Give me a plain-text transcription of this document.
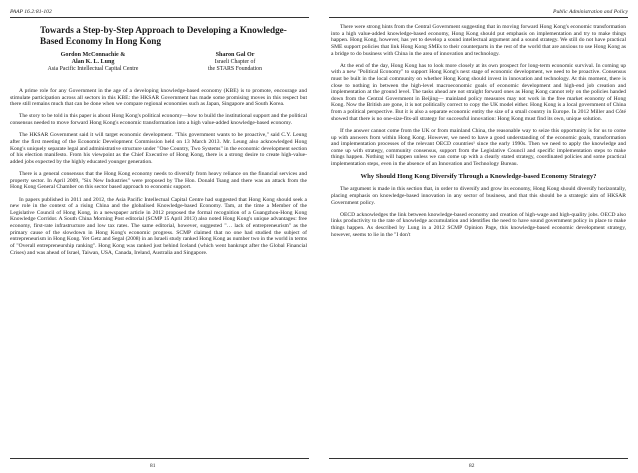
PAAP 16.2:81-102
Towards a Step-by-Step Approach to Developing a Knowledge-Based Economy In Hong Kong
Gordon McConnachie &
Alan K. L. Lung
Asia Pacific Intellectual Capital Centre
Sharon Gal Or
Israeli Chapter of
the STARS Foundation

A prime role for any Government in the age of a developing knowledge-based economy (KBE) is to promote, encourage and stimulate participation across all sectors in this KBE: the HKSAR Government has made some promising moves in this respect but there still remains much that can be done when we compare regional economies such as Japan, Singapore and South Korea.

The story to be told in this paper is about Hong Kong's political economy—how to build the institutional support and the political consensus needed to move forward Hong Kong's economic transformation into a high value-added knowledge-based economy.

The HKSAR Government said it will target economic development. "This government wants to be proactive," said C.Y. Leung after the first meeting of the Economic Development Commission held on 13 March 2013. Mr. Leung also acknowledged Hong Kong's uniquely separate legal and administrative structure under "One Country, Two Systems" in the economic development section of his election manifesto. From his viewpoint as the Chief Executive of Hong Kong, there is a strong desire to create high-value-added jobs expected by the highly educated younger generation.

There is a general consensus that the Hong Kong economy needs to diversify from heavy reliance on the financial services and property sector. In April 2009, "Six New Industries" were proposed by The Hon. Donald Tsang and there was an attack from the Hong Kong General Chamber on this sector based approach to economic support.

In papers published in 2011 and 2012, the Asia Pacific Intellectual Capital Centre had suggested that Hong Kong should seek a new role in the context of a rising China and the globalised Knowledge-based Economy. Tam, at the time a Member of the Legislative Council of Hong Kong, in a newspaper article in 2012 proposed the formal recognition of a Guangzhou-Hong Kong Knowledge Corridor. A South China Morning Post editorial (SCMP 15 April 2013) also noted Hong Kong's unique advantages: free economy, first-rate infrastructure and low tax rates. The same editorial, however, suggested "… lack of entrepreneurism" as the primary cause of the slowdown in Hong Kong's economic progress. SCMP claimed that no one had studied the subject of entrepreneurism in Hong Kong. Yet Getz and Segal (2008) in an Israeli study ranked Hong Kong as number two in the world in terms of "Overall entrepreneurship ranking". Hong Kong was ranked just behind Iceland (which went bankrupt after the Global Financial Crises) and was ahead of Israel, Taiwan, USA, Canada, Ireland, Australia and Singapore.

81
Public Administration and Policy

There were strong hints from the Central Government suggesting that in moving forward Hong Kong's economic transformation into a high value-added knowledge-based economy, Hong Kong should put emphasis on implementation and try to make things happen. Hong Kong, however, has yet to develop a sound intellectual argument and a sound strategy. We still do not have practical SME support policies that link Hong Kong SMEs to their counterparts in the rest of the world that are anxious to use Hong Kong as a bridge to do business with China in the area of innovation and technology.

At the end of the day, Hong Kong has to look more closely at its own prospect for long-term economic survival. In coming up with a new "Political Economy" to support Hong Kong's next stage of economic development, we need to be proactive. Consensus must be built in the local community on whether Hong Kong should invest in innovation and technology. At this moment, there is close to nothing in between the high-level macroeconomic goals of economic development and high-end job creation and implementation at the ground level. The tasks ahead are not straight forward ones as Hong Kong cannot rely on the policies handed down from the Central Government in Beijing— mainland policy measures may not work in the free market economy of Hong Kong. Now the British are gone, it is not politically correct to copy the UK model either. Hong Kong is a local government of China from a political perspective. But it is also a separate economic entity the size of a small country in Europe. In 2012 Miller and Côté showed that there is no one-size-fits-all strategy for successful innovation: Hong Kong must find its own, unique solution.

If the answer cannot come from the UK or from mainland China, the reasonable way to seize this opportunity is for us to come up with answers from within Hong Kong. However, we need to have a good understanding of the economic goals, transformation and implementation processes of the relevant OECD countries¹ since the early 1990s. Then we need to apply the knowledge and come up with strategy, community consensus, support from the Legislative Council and specific implementation steps to make things happen. Nothing will happen unless we can come up with a clearly stated strategy, coordinated policies and some practical implementation steps, even in the absence of an Innovation and Technology Bureau.

Why Should Hong Kong Diversify Through a Knowledge-based Economy Strategy?

The argument is made in this section that, in order to diversify and grow its economy, Hong Kong should diversify horizontally, placing emphasis on knowledge-based innovation in any sector of business, and that this should be a strategic aim of HKSAR Government policy.

OECD acknowledges the link between knowledge-based economy and creation of high-wage and high-quality jobs. OECD also links productivity to the rate of knowledge accumulation and identifies the need to have sound government policy in place to make things happen. As described by Lung in a 2012 SCMP Opinion Page, this knowledge-based economic development strategy, however, seems to lie in the "I don't

82
